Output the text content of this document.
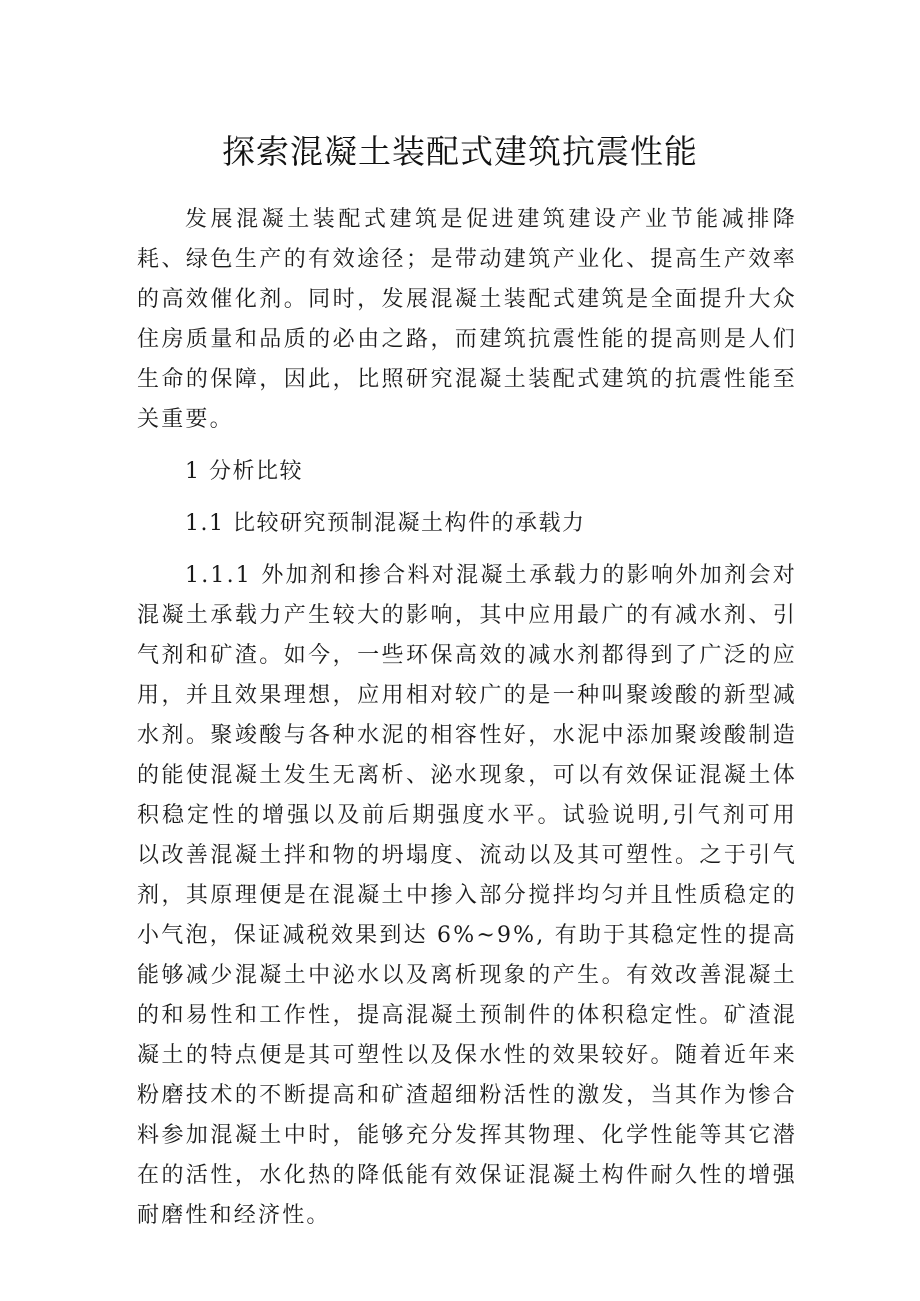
探索混凝土装配式建筑抗震性能

发展混凝土装配式建筑是促进建筑建设产业节能减排降耗、绿色生产的有效途径；是带动建筑产业化、提高生产效率的高效催化剂。同时，发展混凝土装配式建筑是全面提升大众住房质量和品质的必由之路，而建筑抗震性能的提高则是人们生命的保障，因此，比照研究混凝土装配式建筑的抗震性能至关重要。

1 分析比较

1.1 比较研究预制混凝土构件的承载力

1.1.1 外加剂和掺合料对混凝土承载力的影响外加剂会对混凝土承载力产生较大的影响，其中应用最广的有减水剂、引气剂和矿渣。如今，一些环保高效的减水剂都得到了广泛的应用，并且效果理想，应用相对较广的是一种叫聚竣酸的新型减水剂。聚竣酸与各种水泥的相容性好，水泥中添加聚竣酸制造的能使混凝土发生无离析、泌水现象，可以有效保证混凝土体积稳定性的增强以及前后期强度水平。试验说明,引气剂可用以改善混凝土拌和物的坍塌度、流动以及其可塑性。之于引气剂，其原理便是在混凝土中掺入部分搅拌均匀并且性质稳定的小气泡，保证减税效果到达 6%~9%, 有助于其稳定性的提高能够减少混凝土中泌水以及离析现象的产生。有效改善混凝土的和易性和工作性，提高混凝土预制件的体积稳定性。矿渣混凝土的特点便是其可塑性以及保水性的效果较好。随着近年来粉磨技术的不断提高和矿渣超细粉活性的激发，当其作为惨合料参加混凝土中时，能够充分发挥其物理、化学性能等其它潜在的活性，水化热的降低能有效保证混凝土构件耐久性的增强耐磨性和经济性。
